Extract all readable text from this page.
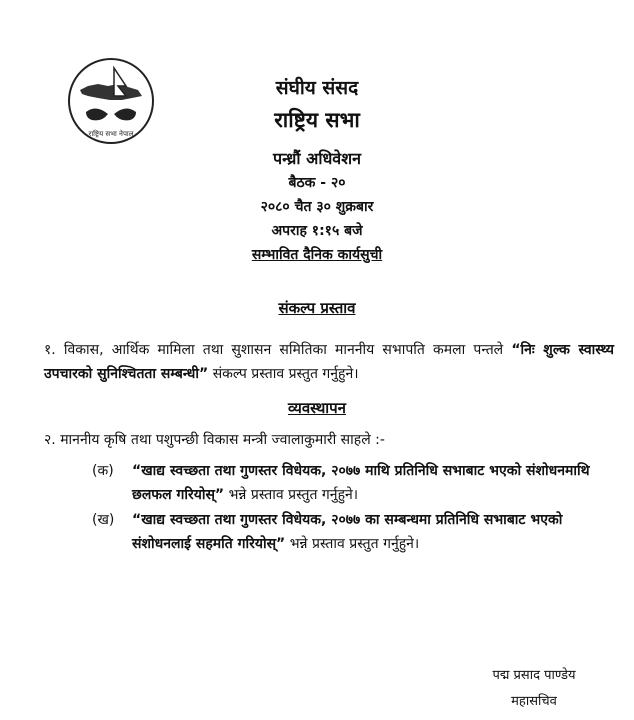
राष्ट्रिय सभा नेपाल
संघीय संसद
राष्ट्रिय सभा
पन्ध्रौं अधिवेशन
बैठक - २०
२०८० चैत ३० शुक्रबार
अपराह १:१५ बजे
सम्भावित दैनिक कार्यसुची
संकल्प प्रस्ताव
१. विकास, आर्थिक मामिला तथा सुशासन समितिका माननीय सभापति कमला पन्तले “निः शुल्क स्वास्थ्य उपचारको सुनिश्चितता सम्बन्धी” संकल्प प्रस्ताव प्रस्तुत गर्नुहुने।
व्यवस्थापन
२. माननीय कृषि तथा पशुपन्छी विकास मन्त्री ज्वालाकुमारी साहले :-
(क)	“खाद्य स्वच्छता तथा गुणस्तर विधेयक, २०७७ माथि प्रतिनिधि सभाबाट भएको संशोधनमाथि छलफल गरियोस्” भन्ने प्रस्ताव प्रस्तुत गर्नुहुने।
(ख)	“खाद्य स्वच्छता तथा गुणस्तर विधेयक, २०७७ का सम्बन्धमा प्रतिनिधि सभाबाट भएको संशोधनलाई सहमति गरियोस्” भन्ने प्रस्ताव प्रस्तुत गर्नुहुने।
पद्म प्रसाद पाण्डेय
महासचिव
